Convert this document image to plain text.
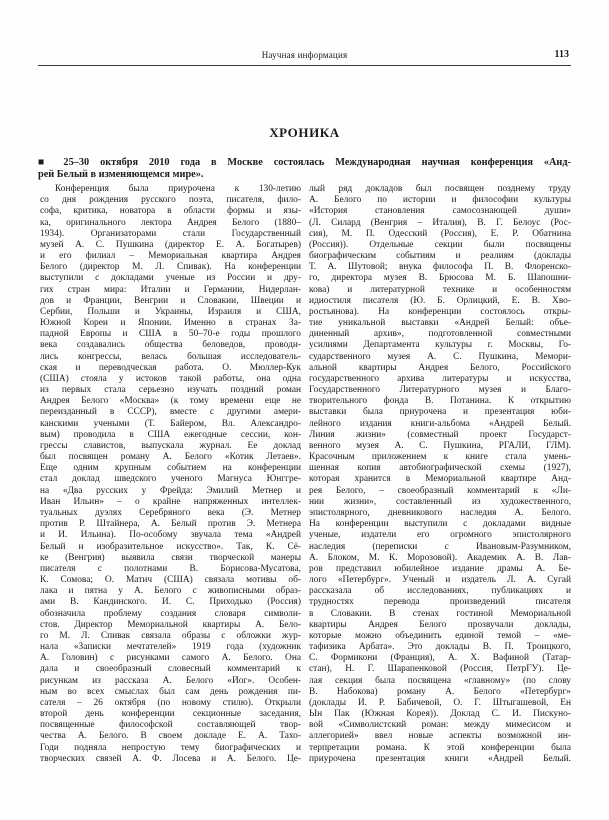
Научная информация	113
ХРОНИКА
■ 25–30 октября 2010 года в Москве состоялась Международная научная конференция «Анд-
рей Белый в изменяющемся мире».
Конференция была приурочена к 130-летию
со дня рождения русского поэта, писателя, фило-
софа, критика, новатора в области формы и язы-
ка, оригинального лектора Андрея Белого (1880–
1934). Организаторами стали Государственный
музей А. С. Пушкина (директор Е. А. Богатырев)
и его филиал – Мемориальная квартира Андрея
Белого (директор М. Л. Спивак). На конференции
выступили с докладами ученые из России и дру-
гих стран мира: Италии и Германии, Нидерлан-
дов и Франции, Венгрии и Словакии, Швеции и
Сербии, Польши и Украины, Израиля и США,
Южной Кореи и Японии. Именно в странах За-
падной Европы и США в 50–70-е годы прошлого
века создавались общества беловедов, проводи-
лись конгрессы, велась большая исследователь-
ская и переводческая работа. О. Мюллер-Кук
(США) стояла у истоков такой работы, она одна
из первых стала серьезно изучать поздний роман
Андрея Белого «Москва» (к тому времени еще не
переизданный в СССР), вместе с другими амери-
канскими учеными (Т. Байером, Вл. Александро-
вым) проводила в США ежегодные сессии, кон-
грессы славистов, выпускала журнал. Ее доклад
был посвящен роману А. Белого «Котик Летаев».
Еще одним крупным событием на конференции
стал доклад шведского ученого Магнуса Юнггре-
на «Два русских у Фрейда: Эмилий Метнер и
Иван Ильин» – о крайне напряженных интеллек-
туальных дуэлях Серебряного века (Э. Метнер
против Р. Штайнера, А. Белый против Э. Метнера
и И. Ильина). По-особому звучала тема «Андрей
Белый и изобразительное искусство». Так, К. Сё-
ке (Венгрия) выявила связи творческой манеры
писателя с полотнами В. Борисова-Мусатова,
К. Сомова; О. Матич (США) связала мотивы об-
лака и пятна у А. Белого с живописными образ-
ами В. Кандинского. И. С. Приходько (Россия)
обозначила проблему создания словаря символи-
стов. Директор Мемориальной квартиры А. Бело-
го М. Л. Спивак связала образы с обложки жур-
нала «Записки мечтателей» 1919 года (художник
А. Головин) с рисунками самого А. Белого. Она
дала и своеобразный словесный комментарий к
рисункам из рассказа А. Белого «Йог». Особен-
ным во всех смыслах был сам день рождения пи-
сателя – 26 октября (по новому стилю). Открыли
второй день конференции секционные заседания,
посвященные философской составляющей твор-
чества А. Белого. В своем докладе Е. А. Тахо-
Годи подняла непростую тему биографических и
творческих связей А. Ф. Лосева и А. Белого. Це-
лый ряд докладов был посвящен позднему труду
А. Белого по истории и философии культуры
«История становления самосознающей души»
(Л. Силард (Венгрия – Италия), В. Г. Белоус (Рос-
сия), М. П. Одесский (Россия), Е. Р. Обатнина
(Россия)). Отдельные секции были посвящены
биографическим событиям и реалиям (доклады
Т. А. Шутовой; внука философа П. В. Флоренско-
го, директора музея В. Брюсова М. Б. Шапошни-
кова) и литературной технике и особенностям
идиостиля писателя (Ю. Б. Орлицкий, Е. В. Хво-
ростьянова). На конференции состоялось откры-
тие уникальной выставки «Андрей Белый: объе-
диненный архив», подготовленной совместными
усилиями Департамента культуры г. Москвы, Го-
сударственного музея А. С. Пушкина, Мемори-
альной квартиры Андрея Белого, Российского
государственного архива литературы и искусства,
Государственного Литературного музея и Благо-
творительного фонда В. Потанина. К открытию
выставки была приурочена и презентация юби-
лейного издания книги-альбома «Андрей Белый.
Линия жизни» (совместный проект Государст-
венного музея А. С. Пушкина, РГАЛИ, ГЛМ).
Красочным приложением к книге стала умень-
шенная копия автобиографической схемы (1927),
которая хранится в Мемориальной квартире Анд-
рея Белого, – своеобразный комментарий к «Ли-
нии жизни», составленный из художественного,
эпистолярного, дневникового наследия А. Белого.
На конференции выступили с докладами видные
ученые, издатели его огромного эпистолярного
наследия (переписки с Ивановым-Разумником,
А. Блоком, М. К. Морозовой). Академик А. В. Лав-
ров представил юбилейное издание драмы А. Бе-
лого «Петербург». Ученый и издатель Л. А. Сугай
рассказала об исследованиях, публикациях и
трудностях перевода произведений писателя
в Словакии. В стенах гостиной Мемориальной
квартиры Андрея Белого прозвучали доклады,
которые можно объединить единой темой – «ме-
тафизика Арбата». Это доклады В. П. Троицкого,
С. Формикони (Франция), А. Х. Вафиной (Татар-
стан), Н. Г. Шарапенковой (Россия, ПетрГУ). Це-
лая секция была посвящена «главному» (по слову
В. Набокова) роману А. Белого «Петербург»
(доклады И. Р. Бабичевой, О. Г. Штыгашевой, Ен
Ын Пак (Южная Корея)). Доклад С. И. Пискуно-
вой «Символистский роман: между мимесисом и
аллегорией» ввел новые аспекты возможной ин-
терпретации романа. К этой конференции была
приурочена презентация книги «Андрей Белый.
